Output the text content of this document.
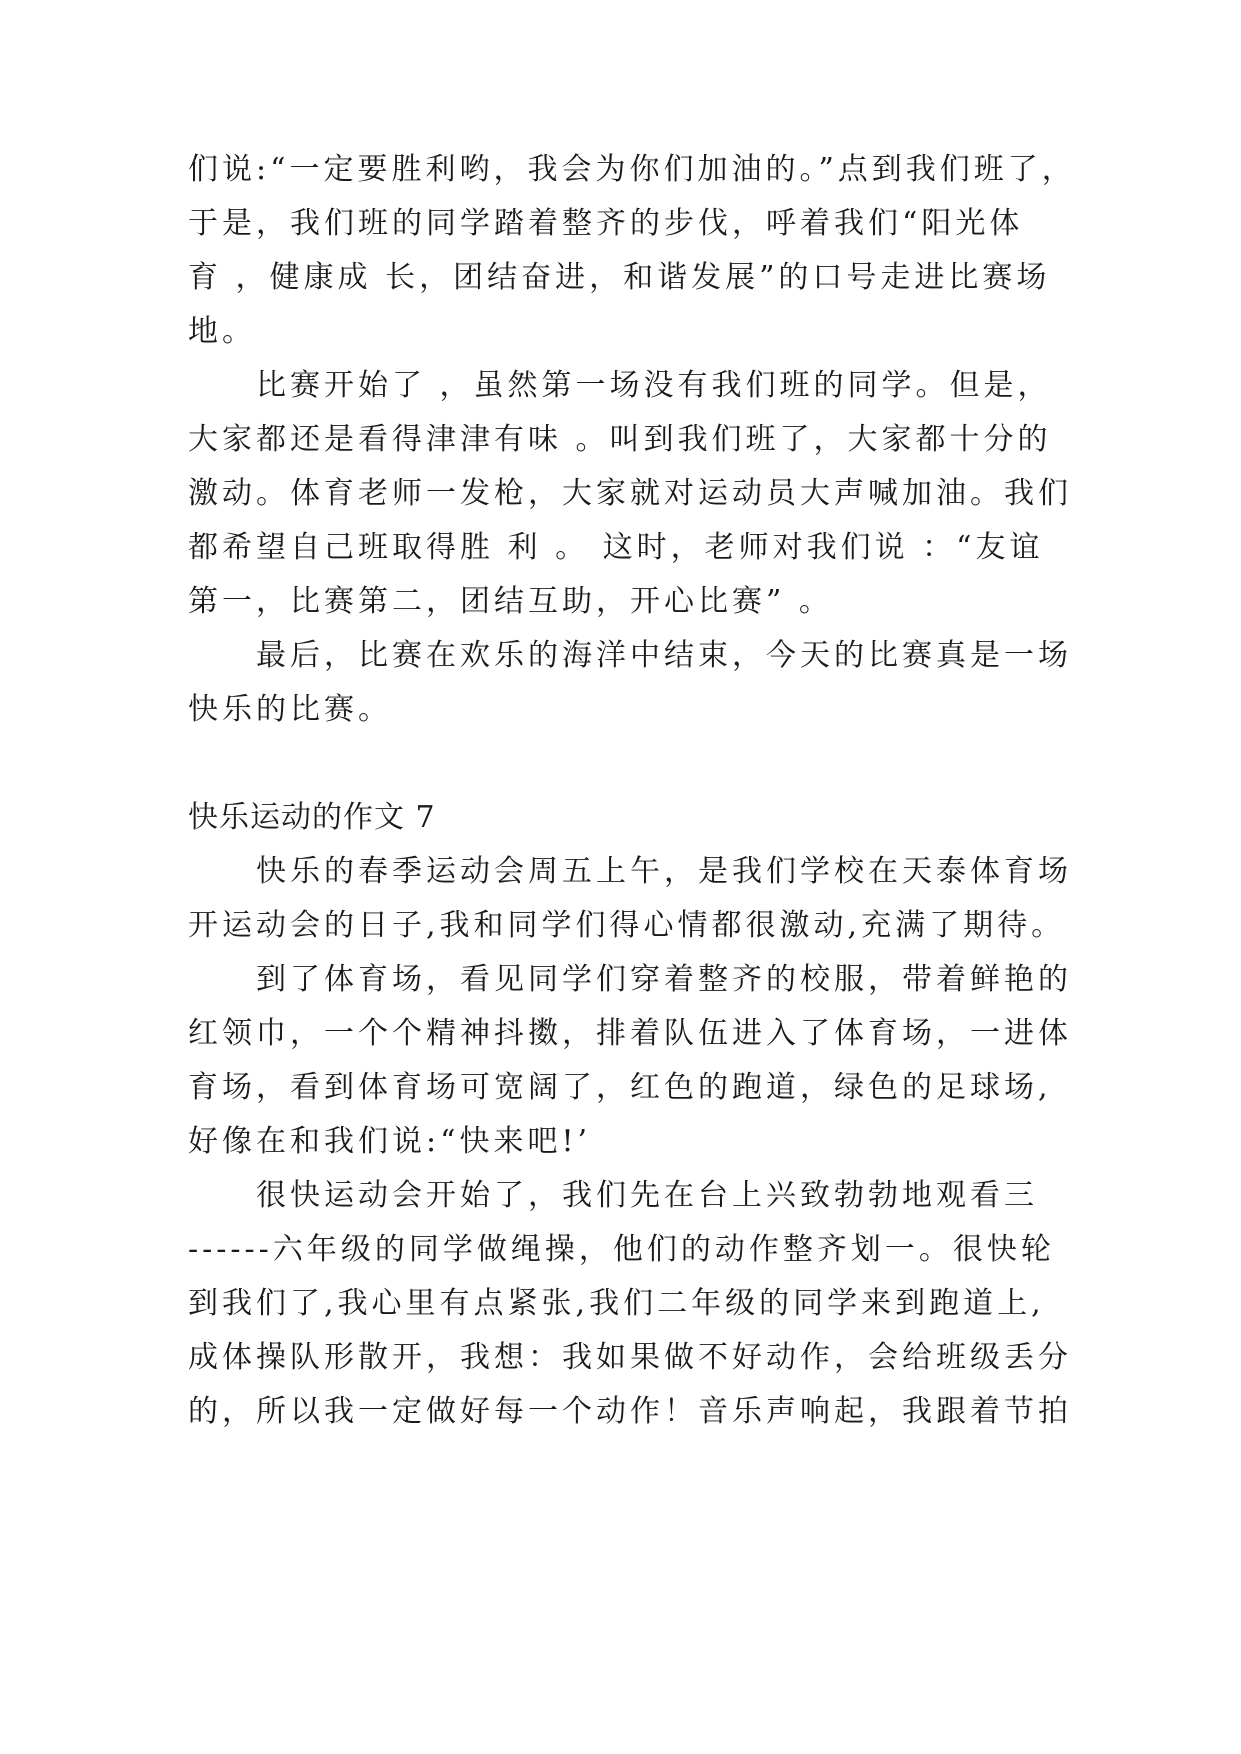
们说:“一定要胜利哟，我会为你们加油的。”点到我们班了，
于是，我们班的同学踏着整齐的步伐，呼着我们“阳光体
育 ，健康成 长，团结奋进，和谐发展”的口号走进比赛场
地。
比赛开始了 ，虽然第一场没有我们班的同学。但是，
大家都还是看得津津有味 。叫到我们班了，大家都十分的
激动。体育老师一发枪，大家就对运动员大声喊加油。我们
都希望自己班取得胜 利 。 这时，老师对我们说 ：“友谊
第一，比赛第二，团结互助，开心比赛” 。
最后，比赛在欢乐的海洋中结束，今天的比赛真是一场
快乐的比赛。
快乐运动的作文 7
快乐的春季运动会周五上午，是我们学校在天泰体育场
开运动会的日子,我和同学们得心情都很激动,充满了期待。
到了体育场，看见同学们穿着整齐的校服，带着鲜艳的
红领巾，一个个精神抖擞，排着队伍进入了体育场，一进体
育场，看到体育场可宽阔了，红色的跑道，绿色的足球场,
好像在和我们说:“快来吧!’
很快运动会开始了，我们先在台上兴致勃勃地观看三
------六年级的同学做绳操，他们的动作整齐划一。很快轮
到我们了,我心里有点紧张,我们二年级的同学来到跑道上,
成体操队形散开，我想：我如果做不好动作，会给班级丢分
的，所以我一定做好每一个动作！音乐声响起，我跟着节拍
